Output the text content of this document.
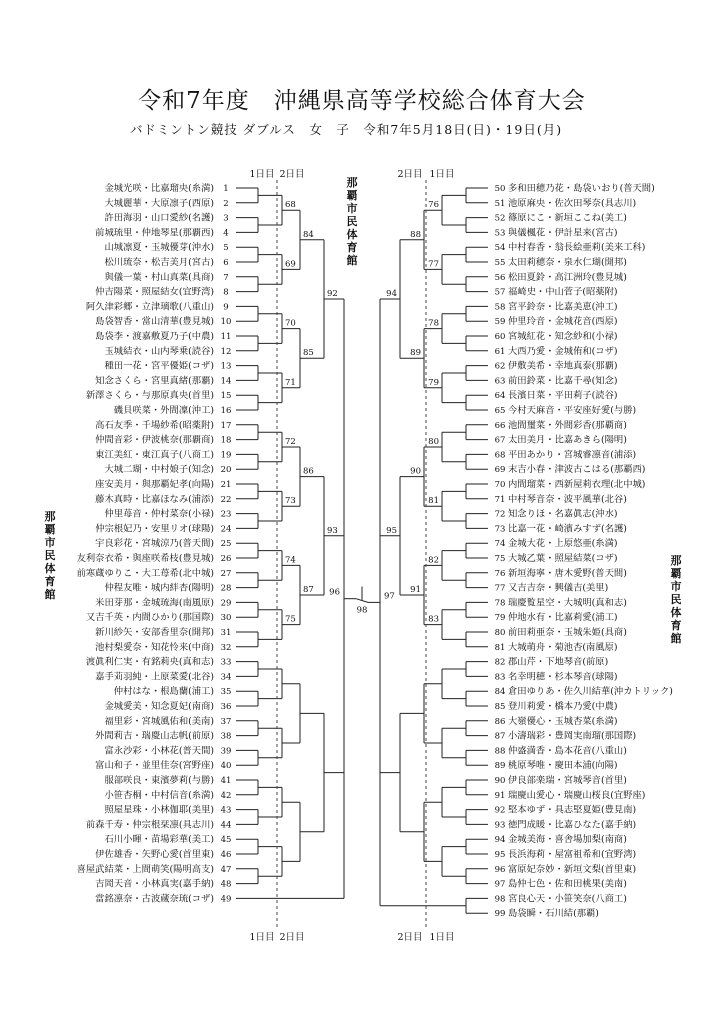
令和7年度　沖縄県高等学校総合体育大会
バドミントン競技 ダブルス　女　子　令和7年5月18日(日)・19日(月)
金城光咲・比嘉瑠央(糸満) 1
大城麗華・大原凛子(西原) 2
許田海羽・山口愛紗(名護) 3
前城琉里・仲地琴星(那覇西) 4
山城凛夏・玉城優芽(沖水) 5
松川琉奈・松吉美月(宮古) 6
與儀一葉・村山真菜(具商) 7
仲吉陽菜・照屋結女(宜野湾) 8
阿久津彩郷・立津璃歌(八重山) 9
島袋智香・當山清華(豊見城) 10
島袋李・渡嘉敷夏乃子(中農) 11
玉城結衣・山内琴乗(読谷) 12
種田一花・宮平優姫(コザ) 13
知念さくら・宮里真緒(那覇) 14
新澤さくら・与那原真央(首里) 15
磯貝咲菜・外間凜(沖工) 16
高石友季・千場紗希(昭薬附) 17
仲間音彩・伊波桃奈(那覇商) 18
東江美紅・東江真子(八商工) 19
大城二瑚・中村娘子(知念) 20
座安美月・與那覇妃孝(向陽) 21
藤木真時・比嘉ほなみ(浦添) 22
仲里苺音・仲村菜奈(小禄) 23
仲宗根妃乃・安里リオ(球陽) 24
宇良彩花・宮城涼乃(普天間) 25
友利奈衣希・與座咲希枝(豊見城) 26
前寒蔵ゆりこ・大工苺希(北中城) 27
仲程友唯・城内絆杏(陽明) 28
米田芽那・金城琉海(南風原) 29
又吉千英・内間ひかり(那国際) 30
新川紗矢・安部香里奈(開邦) 31
池村梨愛奈・知花怜来(中商) 32
渡眞利仁実・有銘莉央(真和志) 33
嘉手苅羽純・上原菜愛(北谷) 34
仲村はな・根島蘭(浦工) 35
金城愛美・知念夏妃(南商) 36
福里彩・宮城風佑和(美南) 37
外間莉吉・瑞慶山志帆(前原) 38
富永沙彩・小林花(普天間) 39
富山和子・並里佳奈(宮野座) 40
服部咲良・東濱夢莉(与勝) 41
小笹杏桐・中村信音(糸満) 42
照屋星珠・小林伽耶(美里) 43
前森千寿・仲宗根栞凛(具志川) 44
石川小暉・苗場彩華(美工) 45
伊佐雄香・矢野心愛(首里東) 46
喜屋武結菜・上間萌笑(陽明高支) 47
吉岡天音・小林真実(嘉手納) 48
當銘凛奈・古波蔵奈琉(コザ) 49
多和田穂乃花・島袋いおり(普天間)
50
池原麻央・佐次田琴奈(具志川)
51
篠原にこ・新垣ここね(美工)
52
與儀楓花・伊計星来(宮古)
53
中村春香・翁長絵亜莉(美来工科)
54
太田莉穂奈・泉水仁瑚(開邦)
55
松田夏鈴・高江洲玲(豊見城)
56
福崎史・中山菅子(昭薬附)
57
宮平鈴奈・比嘉美恵(沖工)
58
仲里玲音・金城花音(西原)
59
宮城紅花・知念紗和(小禄)
60
大西乃愛・金城侑和(コザ)
61
伊敷美希・幸地真泰(那覇)
62
前田鈴菜・比嘉千尋(知念)
63
長濱日菜・平田莉子(読谷)
64
今村天麻音・平安座好愛(与勝)
65
池間璽菜・外間彩香(那覇商)
66
太田美月・比嘉あきら(陽明)
67
平田あかり・宮城睿凛音(浦添)
68
末吉小春・津波古こはる(那覇西)
69
内間瑠菜・西新屋莉衣理(北中城)
70
中村琴音奈・波平風華(北谷)
71
知念りほ・名嘉眞志(沖水)
72
比嘉一花・崎濱みすず(名護)
73
金城大花・上原悠亜(糸満)
74
大城乙葉・照屋結菜(コザ)
75
新垣海寧・唐木愛野(普天間)
76
又吉吉奈・興儀吉(美里)
77
瑞慶覧星空・大城明(真和志)
78
仲地水有・比嘉莉愛(浦工)
79
前田莉亜奈・玉城朱姫(具商)
80
大城萌舟・菊池杏(南風原)
81
郡山芹・下地琴音(前原)
82
名幸明穂・杉本琴音(球陽)
83
倉田ゆりあ・佐久川結華(沖カトリック)
84
登川莉愛・橋本乃愛(中農)
85
大嶺優心・玉城杏菜(糸満)
86
小濤瑞彩・豊岡実南瑠(那国際)
87
仲盛満香・島本花音(八重山)
88
桃原琴唯・慶田本浦(向陽)
89
伊良部楽瑞・宮城琴音(首里)
90
瑞慶山愛心・瑞慶山桜良(宜野座)
91
堅本ゆず・具志堅夏姫(豊見南)
92
徳門成暖・比嘉ひなた(嘉手納)
93
金城美海・喜舎場加梨(南商)
94
長浜海莉・屋富祖希和(宜野湾)
95
富原妃奈妙・新垣文梨(首里東)
96
島仲七色・佐和田桃果(美南)
97
宮良心天・小笹笑奈(八商工)
98
島袋瞬・石川結(那覇)
99
68
69
70
71
72
73
74
75
84
85
86
87
92
93
76
77
78
79
80
81
82
83
88
89
90
91
94
95
96	97
98
1日目 2日目	2日目 1日目
1日目 2日目	2日目 1日目
那
覇
市
民
体
育
館
那
覇
市
民
体
育
館
那
覇
市
民
体
育
館
